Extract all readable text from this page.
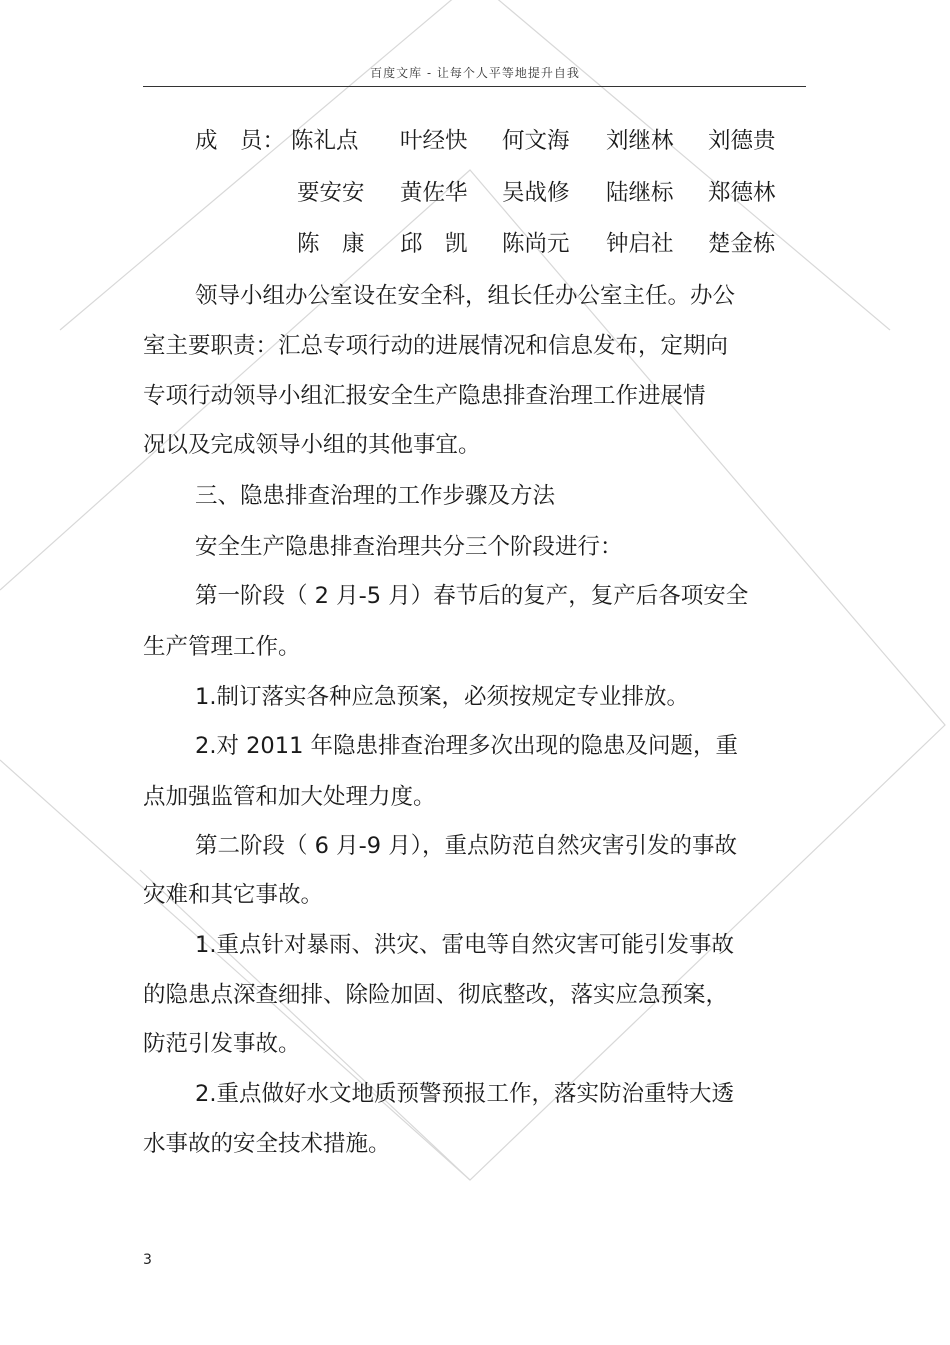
百度文库 - 让每个人平等地提升自我
成　员： 陈礼点 叶经快 何文海 刘继林 刘德贵
要安安 黄佐华 吴战修 陆继标 郑德林
陈　康 邱　凯 陈尚元 钟启社 楚金栋
领导小组办公室设在安全科，组长任办公室主任。办公
室主要职责：汇总专项行动的进展情况和信息发布，定期向
专项行动领导小组汇报安全生产隐患排查治理工作进展情
况以及完成领导小组的其他事宜。
三、隐患排查治理的工作步骤及方法
安全生产隐患排查治理共分三个阶段进行：
第一阶段（ 2 月-5 月）春节后的复产，复产后各项安全
生产管理工作。
1.制订落实各种应急预案，必须按规定专业排放。
2.对 2011 年隐患排查治理多次出现的隐患及问题，重
点加强监管和加大处理力度。
第二阶段（ 6 月-9 月），重点防范自然灾害引发的事故
灾难和其它事故。
1.重点针对暴雨、洪灾、雷电等自然灾害可能引发事故
的隐患点深查细排、除险加固、彻底整改，落实应急预案，
防范引发事故。
2.重点做好水文地质预警预报工作，落实防治重特大透
水事故的安全技术措施。
3
